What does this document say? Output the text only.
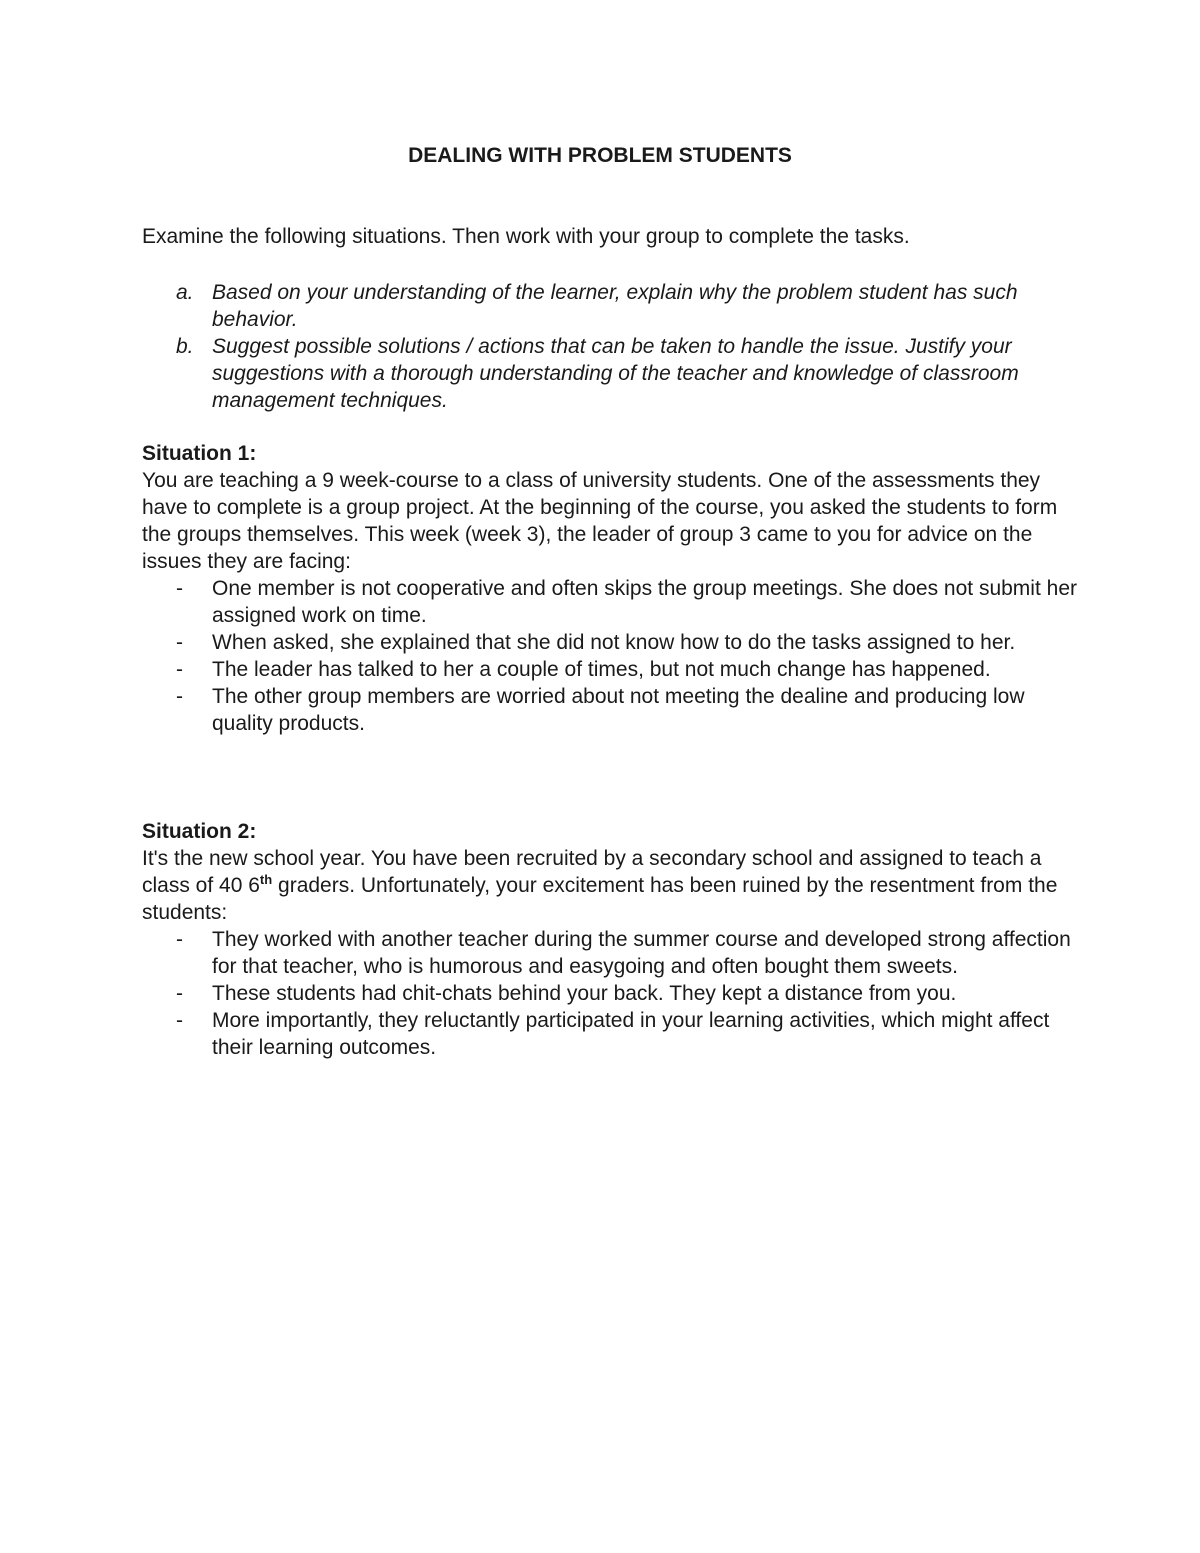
DEALING WITH PROBLEM STUDENTS
Examine the following situations. Then work with your group to complete the tasks.
a. Based on your understanding of the learner, explain why the problem student has such behavior.
b. Suggest possible solutions / actions that can be taken to handle the issue. Justify your suggestions with a thorough understanding of the teacher and knowledge of classroom management techniques.
Situation 1:
You are teaching a 9 week-course to a class of university students. One of the assessments they have to complete is a group project. At the beginning of the course, you asked the students to form the groups themselves. This week (week 3), the leader of group 3 came to you for advice on the issues they are facing:
- One member is not cooperative and often skips the group meetings. She does not submit her assigned work on time.
- When asked, she explained that she did not know how to do the tasks assigned to her.
- The leader has talked to her a couple of times, but not much change has happened.
- The other group members are worried about not meeting the dealine and producing low quality products.
Situation 2:
It's the new school year. You have been recruited by a secondary school and assigned to teach a class of 40 6th graders. Unfortunately, your excitement has been ruined by the resentment from the students:
- They worked with another teacher during the summer course and developed strong affection for that teacher, who is humorous and easygoing and often bought them sweets.
- These students had chit-chats behind your back. They kept a distance from you.
- More importantly, they reluctantly participated in your learning activities, which might affect their learning outcomes.
